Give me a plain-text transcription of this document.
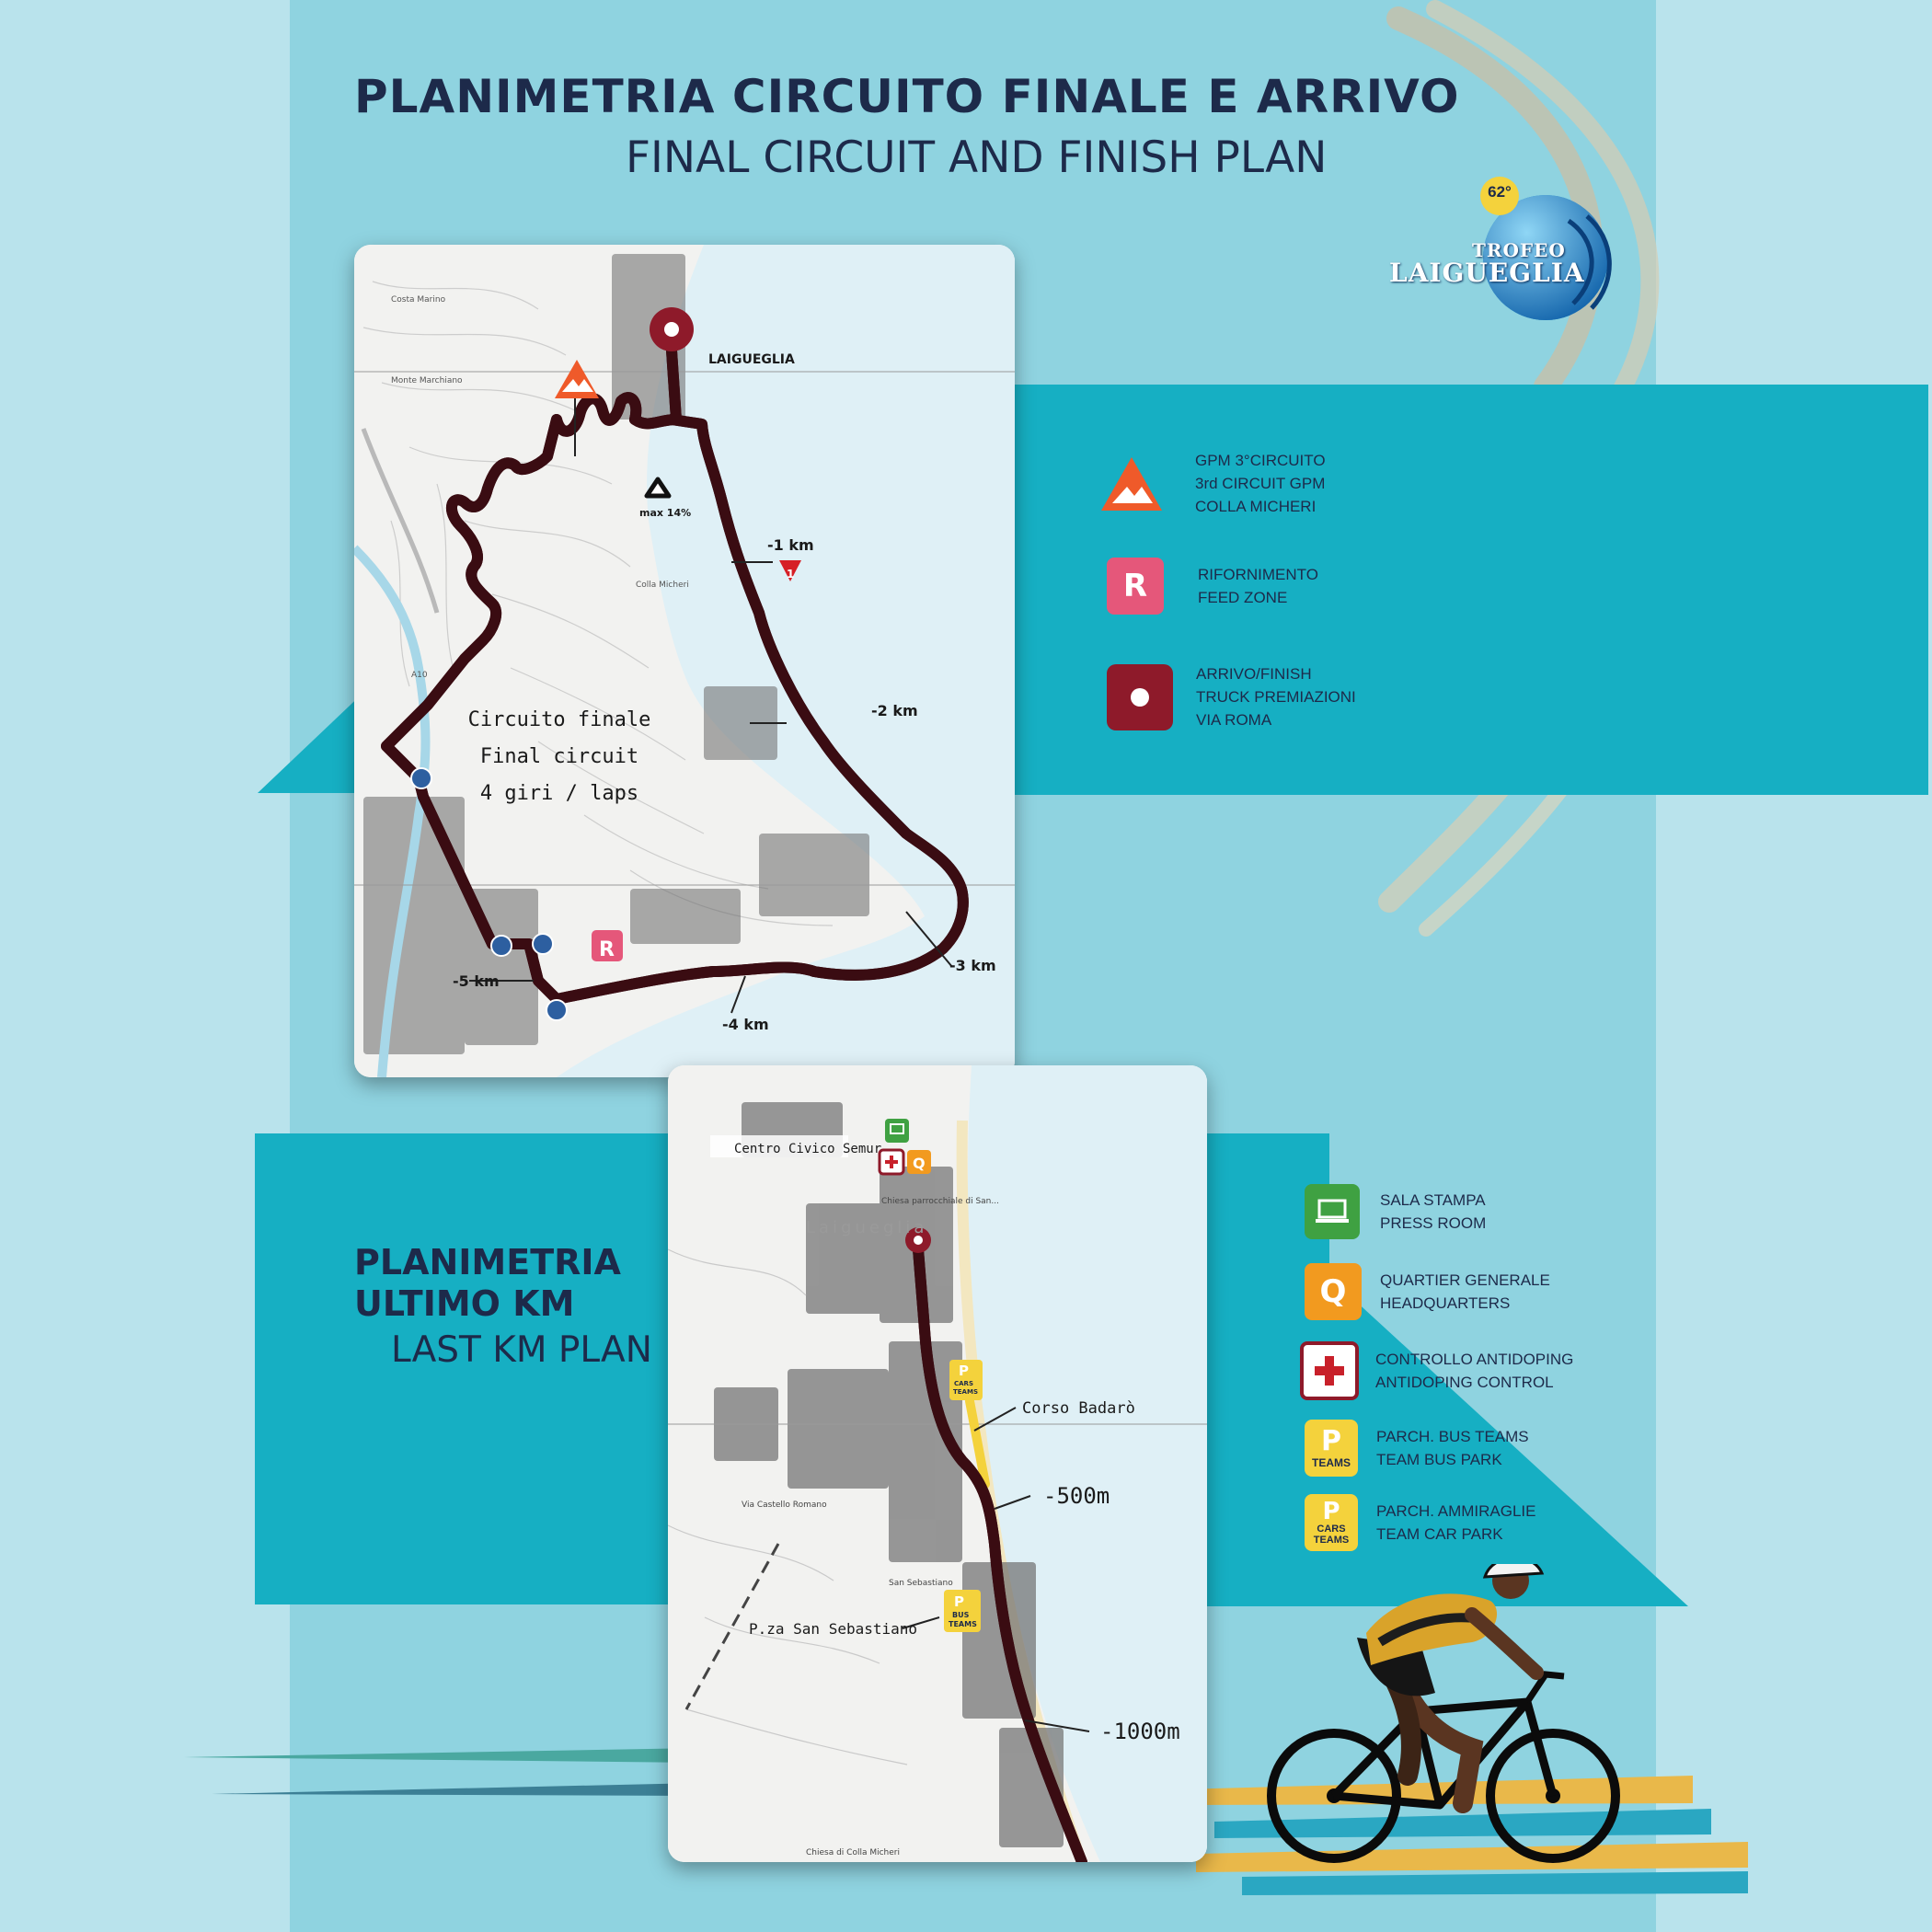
PLANIMETRIA CIRCUITO FINALE E ARRIVO
FINAL CIRCUIT AND FINISH PLAN
62°
TROFEO
LAIGUEGLIA
LAIGUEGLIA
max 14%
-1 km
1
-2 km
-3 km
-4 km
-5 km
R
Circuito finale
Final circuit
4 giri / laps
Costa Marino
Monte Marchiano
Colla Micheri
A10
GPM 3°CIRCUITO
3rd CIRCUIT GPM
COLLA MICHERI
R	RIFORNIMENTO
FEED ZONE
ARRIVO/FINISH
TRUCK PREMIAZIONI
VIA ROMA
PLANIMETRIA
ULTIMO KM
LAST KM PLAN
Q
P
CARS
TEAMS
P
BUS
TEAMS
Centro Civico Semur
Corso Badarò
P.za San Sebastiano
Laigueglia
Chiesa parrocchiale di San...
Via Castello Romano
San Sebastiano
Chiesa di Colla Micheri
-500m
-1000m
SALA STAMPA
PRESS ROOM
Q QUARTIER GENERALE
HEADQUARTERS
CONTROLLO ANTIDOPING
ANTIDOPING CONTROL
P
TEAMS
PARCH. BUS TEAMS
TEAM BUS PARK
P
CARS TEAMS
PARCH. AMMIRAGLIE
TEAM CAR PARK
